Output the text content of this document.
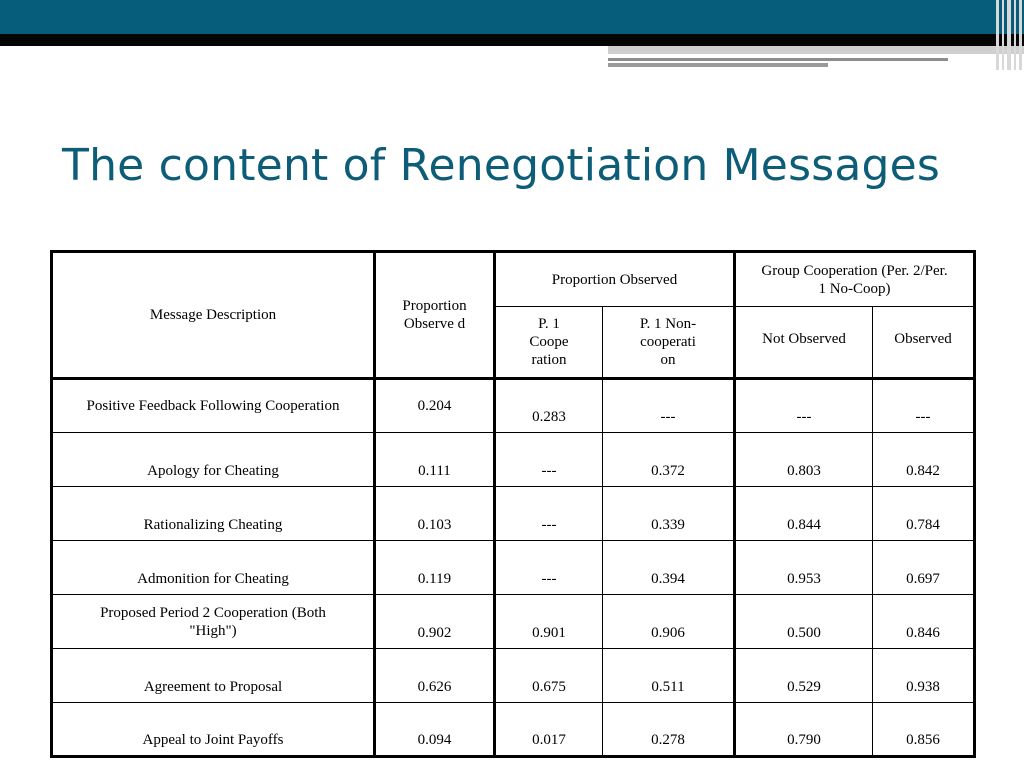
The content of Renegotiation Messages
Message Description	Proportion Observe d	Proportion Observed		Group Cooperation (Per. 2/Per. 1 No-Coop)	
		P. 1 Coope ration	P. 1 Non- cooperati on	Not Observed	Observed
Positive Feedback Following Cooperation	0.204	0.283	---	---	---
Apology for Cheating	0.111	---	0.372	0.803	0.842
Rationalizing Cheating	0.103	---	0.339	0.844	0.784
Admonition for Cheating	0.119	---	0.394	0.953	0.697
Proposed Period 2 Cooperation (Both "High")	0.902	0.901	0.906	0.500	0.846
Agreement to Proposal	0.626	0.675	0.511	0.529	0.938
Appeal to Joint Payoffs	0.094	0.017	0.278	0.790	0.856
